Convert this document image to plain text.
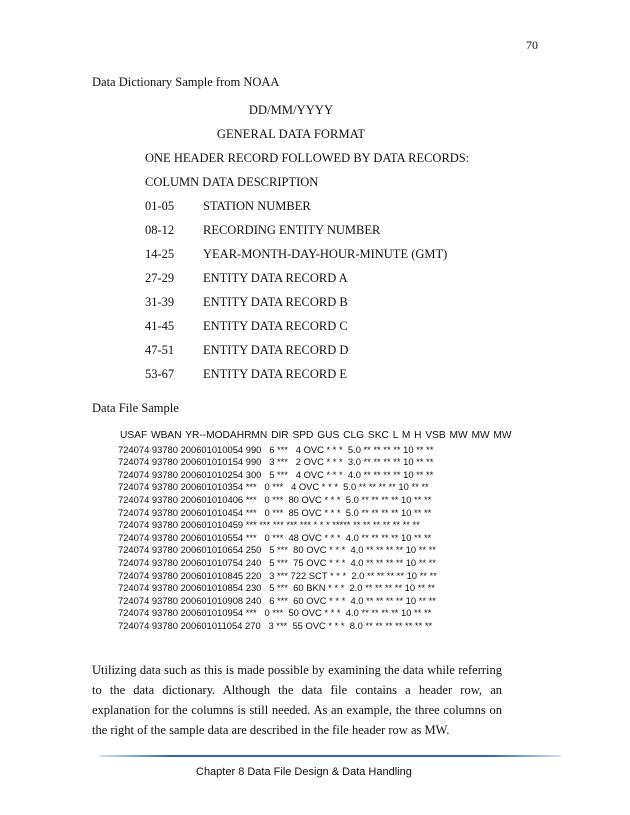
70
Data Dictionary Sample from NOAA
DD/MM/YYYY
GENERAL DATA FORMAT
ONE HEADER RECORD FOLLOWED BY DATA RECORDS:
COLUMN DATA DESCRIPTION
01-05	STATION NUMBER
08-12	RECORDING ENTITY NUMBER
14-25	YEAR-MONTH-DAY-HOUR-MINUTE (GMT)
27-29	ENTITY DATA RECORD A
31-39	ENTITY DATA RECORD B
41-45	ENTITY DATA RECORD C
47-51	ENTITY DATA RECORD D
53-67	ENTITY DATA RECORD E
Data File Sample
USAF WBAN YR--MODAHRMN DIR SPD GUS CLG SKC L M H VSB MW MW MW
724074 93780 200601010054 990   6 ***   4 OVC * * *  5.0 ** ** ** ** 10 ** **
724074 93780 200601010154 990   3 ***   2 OVC * * *  3.0 ** ** ** ** 10 ** **
724074 93780 200601010254 300   5 ***   4 OVC * * *  4.0 ** ** ** ** 10 ** **
724074 93780 200601010354 ***   0 ***   4 OVC * * *  5.0 ** ** ** ** 10 ** **
724074 93780 200601010406 ***   0 ***  80 OVC * * *  5.0 ** ** ** ** 10 ** **
724074 93780 200601010454 ***   0 ***  85 OVC * * *  5.0 ** ** ** ** 10 ** **
724074 93780 200601010459 *** *** *** *** *** * * * ***** ** ** ** ** ** ** **
724074 93780 200601010554 ***   0 ***  48 OVC * * *  4.0 ** ** ** ** 10 ** **
724074 93780 200601010654 250   5 ***  80 OVC * * *  4.0 ** ** ** ** 10 ** **
724074 93780 200601010754 240   5 ***  75 OVC * * *  4.0 ** ** ** ** 10 ** **
724074 93780 200601010845 220   3 *** 722 SCT * * *  2.0 ** ** ** ** 10 ** **
724074 93780 200601010854 230   5 ***  60 BKN * * *  2.0 ** ** ** ** 10 ** **
724074 93780 200601010908 240   6 ***  60 OVC * * *  4.0 ** ** ** ** 10 ** **
724074 93780 200601010954 ***   0 ***  50 OVC * * *  4.0 ** ** ** ** 10 ** **
724074 93780 200601011054 270   3 ***  55 OVC * * *  8.0 ** ** ** ** ** ** **
Utilizing data such as this is made possible by examining the data while referring to the data dictionary. Although the data file contains a header row, an explanation for the columns is still needed. As an example, the three columns on the right of the sample data are described in the file header row as MW.
Chapter 8 Data File Design & Data Handling
